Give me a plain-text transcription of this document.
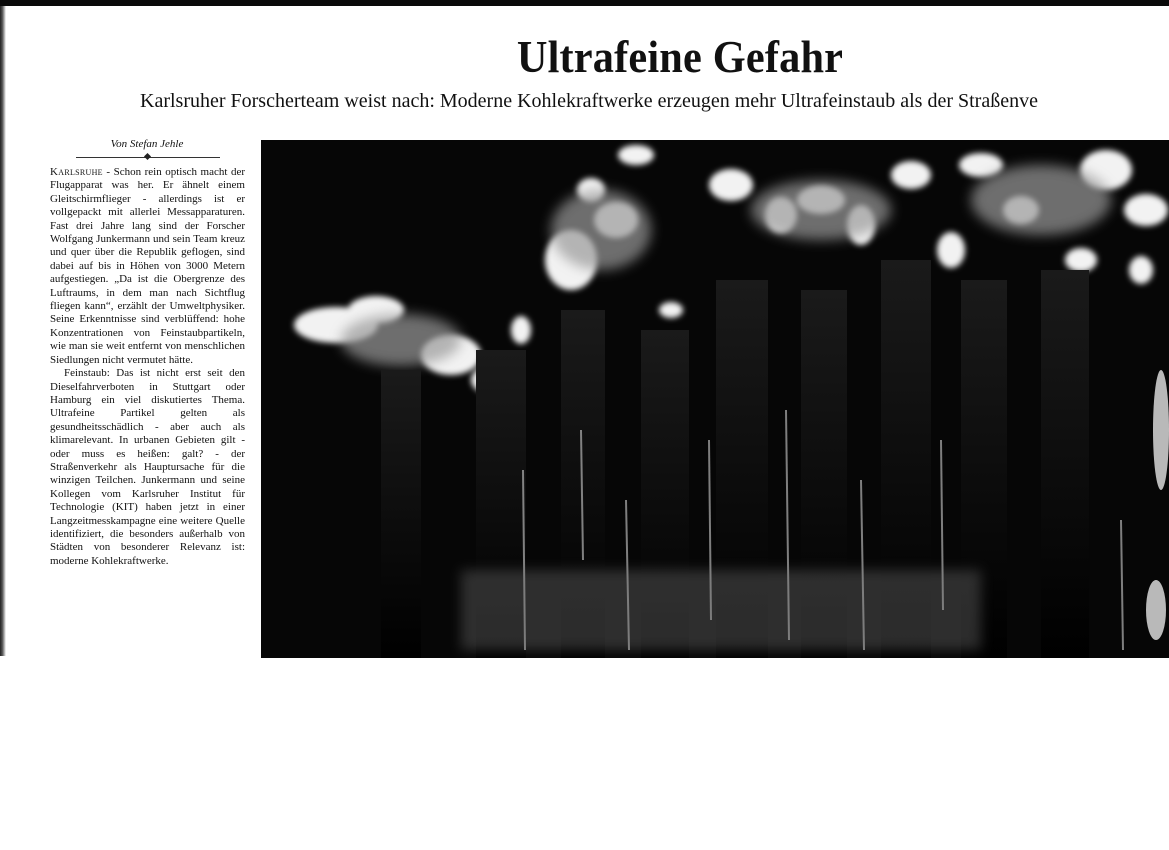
Ultrafeine Gefahr
Karlsruher Forscherteam weist nach: Moderne Kohlekraftwerke erzeugen mehr Ultrafeinstaub als der Straßenve
Von Stefan Jehle

Karlsruhe - Schon rein optisch macht der Flugapparat was her. Er ähnelt einem Gleitschirmflieger - allerdings ist er vollgepackt mit allerlei Messapparaturen. Fast drei Jahre lang sind der Forscher Wolfgang Junkermann und sein Team kreuz und quer über die Republik geflogen, sind dabei auf bis in Höhen von 3000 Metern aufgestiegen. „Da ist die Obergrenze des Luftraums, in dem man nach Sichtflug fliegen kann“, erzählt der Umweltphysiker. Seine Erkenntnisse sind verblüffend: hohe Konzentrationen von Feinstaubpartikeln, wie man sie weit entfernt von menschlichen Siedlungen nicht vermutet hätte.

Feinstaub: Das ist nicht erst seit den Dieselfahrverboten in Stuttgart oder Hamburg ein viel diskutiertes Thema. Ultrafeine Partikel gelten als gesundheitsschädlich - aber auch als klimarelevant. In urbanen Gebieten gilt - oder muss es heißen: galt? - der Straßenverkehr als Hauptursache für die winzigen Teilchen. Junkermann und seine Kollegen vom Karlsruher Institut für Technologie (KIT) haben jetzt in einer Langzeitmesskampagne eine weitere Quelle identifiziert, die besonders außerhalb von Städten von besonderer Relevanz ist: moderne Kohlekraftwerke.
